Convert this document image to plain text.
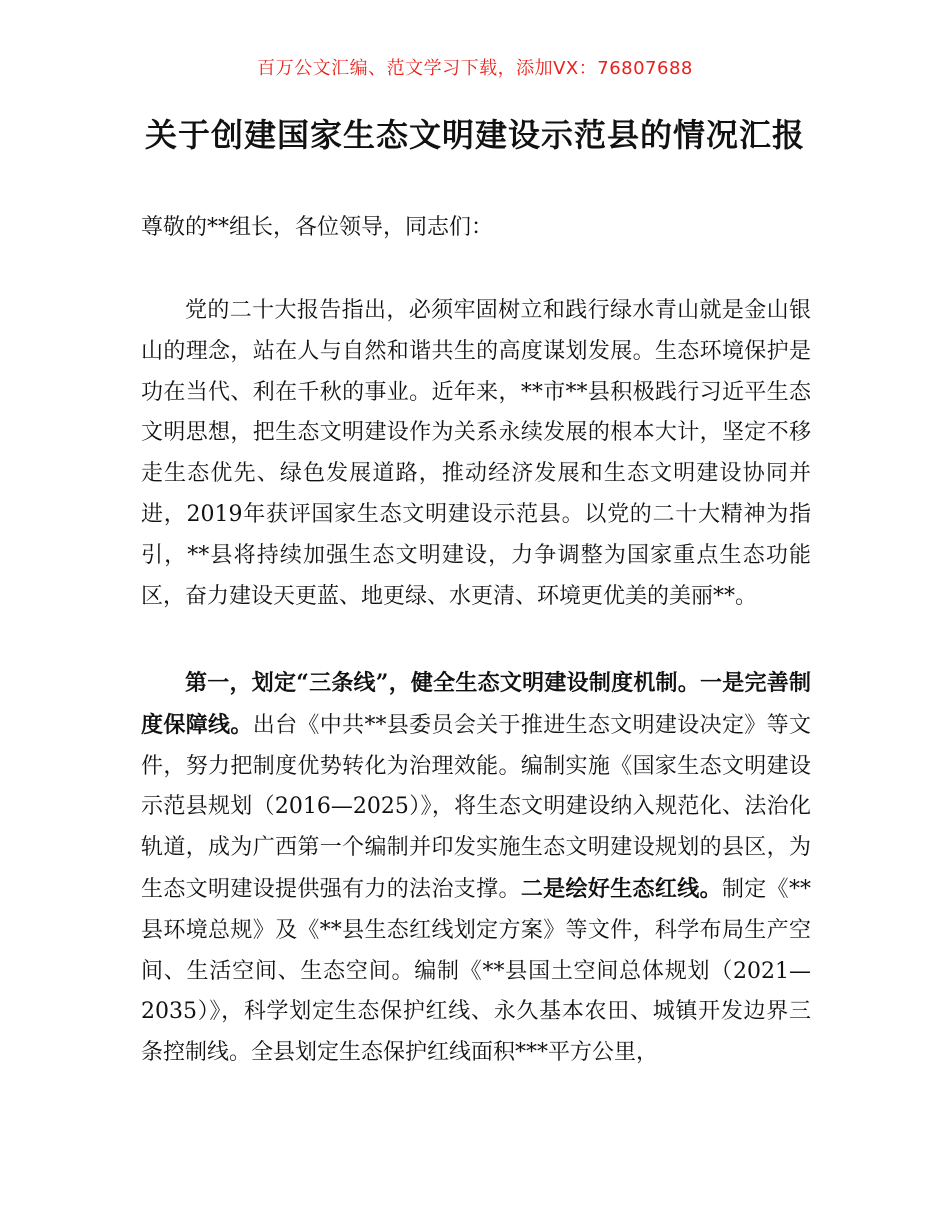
百万公文汇编、范文学习下载，添加VX：76807688
关于创建国家生态文明建设示范县的情况汇报

尊敬的**组长，各位领导，同志们：

党的二十大报告指出，必须牢固树立和践行绿水青山就是金山银山的理念，站在人与自然和谐共生的高度谋划发展。生态环境保护是功在当代、利在千秋的事业。近年来，**市**县积极践行习近平生态文明思想，把生态文明建设作为关系永续发展的根本大计，坚定不移走生态优先、绿色发展道路，推动经济发展和生态文明建设协同并进，2019年获评国家生态文明建设示范县。以党的二十大精神为指引，**县将持续加强生态文明建设，力争调整为国家重点生态功能区，奋力建设天更蓝、地更绿、水更清、环境更优美的美丽**。

第一，划定“三条线”，健全生态文明建设制度机制。一是完善制度保障线。出台《中共**县委员会关于推进生态文明建设决定》等文件，努力把制度优势转化为治理效能。编制实施《国家生态文明建设示范县规划（2016—2025）》，将生态文明建设纳入规范化、法治化轨道，成为广西第一个编制并印发实施生态文明建设规划的县区，为生态文明建设提供强有力的法治支撑。二是绘好生态红线。制定《**县环境总规》及《**县生态红线划定方案》等文件，科学布局生产空间、生活空间、生态空间。编制《**县国土空间总体规划（2021—2035）》，科学划定生态保护红线、永久基本农田、城镇开发边界三条控制线。全县划定生态保护红线面积***平方公里，
